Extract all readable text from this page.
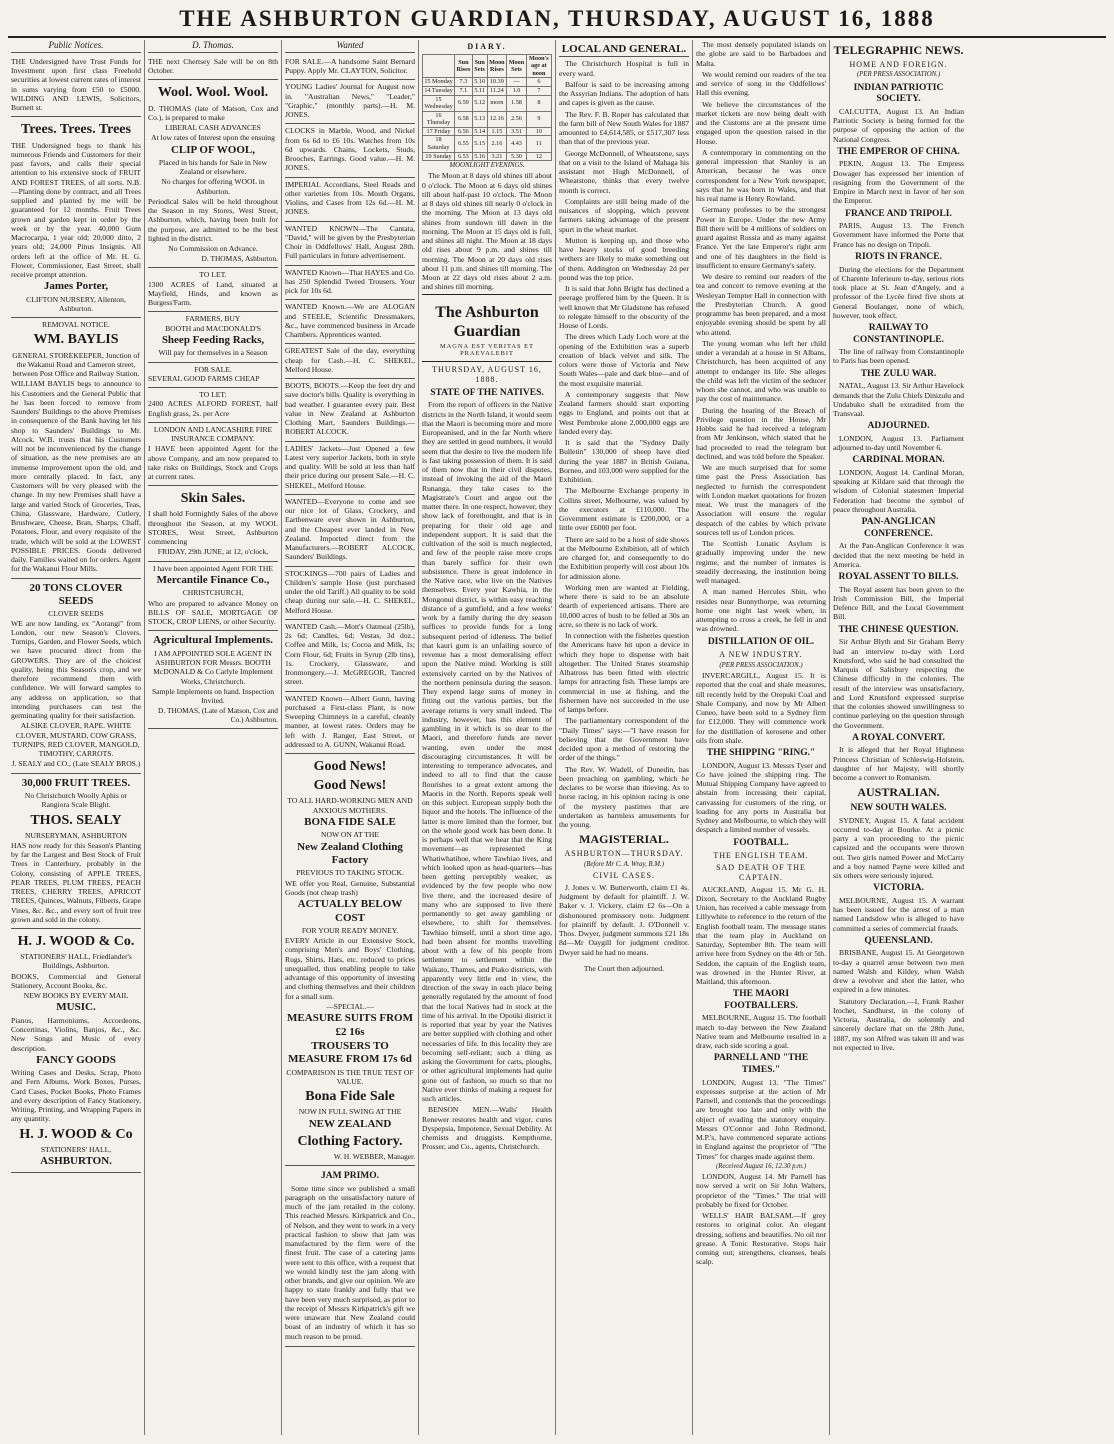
THE ASHBURTON GUARDIAN, THURSDAY, AUGUST 16, 1888
Public Notices.

THE Undersigned have Trust Funds for Investment upon first class Freehold securities at lowest current rates of interest in sums varying from £50 to £5000. WILDING AND LEWIS, Solicitors, Burnett st.

Trees. Trees. Trees

THE Undersigned begs to thank his numerous Friends and Customers for their past favors, and calls their special attention to his extensive stock of FRUIT AND FOREST TREES, of all sorts. N.B.—Planting done by contract, and all Trees supplied and planted by me will be guaranteed for 12 months. Fruit Trees grown and garden kept in order by the week or by the year. 40,000 Gum Macrocarpa, 1 year old; 20,000 ditto, 2 years old; 24,000 Pinus Insignis. All orders left at the office of Mr. H. G. Flower, Commissioner, East Street, shall receive prompt attention.

James Porter,

CLIFTON NURSERY, Allenton, Ashburton.

REMOVAL NOTICE.
WM. BAYLIS

GENERAL STOREKEEPER, Junction of the Wakanui Road and Cameron street, between Post Office and Railway Station.

WILLIAM BAYLIS begs to announce to his Customers and the General Public that he has been forced to remove from Saunders' Buildings to the above Premises in consequence of the Bank having let his shop to Saunders' Buildings to Mr. Alcock. W.B. trusts that his Customers will not be inconvenienced by the change of situation, as the new premises are an immense improvement upon the old, and more centrally placed. In fact, any Customers will be very pleased with the change. In my new Premises shall have a large and varied Stock of Groceries, Teas, China, Glassware, Hardware, Cutlery, Brushware, Cheese, Bran, Sharps, Chaff, Potatoes, Flour, and every requisite of the trade, which will be sold at the LOWEST POSSIBLE PRICES. Goods delivered daily. Families waited on for orders. Agent for the Wakanui Flour Mills.

20 TONS CLOVER SEEDS
CLOVER SEEDS

WE are now landing, ex "Aorangi" from London, our new Season's Clovers, Turnips, Garden, and Flower Seeds, which we have procured direct from the GROWERS. They are of the choicest quality, being this Season's crop, and we therefore recommend them with confidence. We will forward samples to any address on application, so that intending purchasers can test the germinating quality for their satisfaction.

ALSIKE CLOVER, RAPE. WHITE CLOVER, MUSTARD, COW GRASS, TURNIPS, RED CLOVER, MANGOLD, TIMOTHY, CARROTS.

J. SEALY and CO., (Late SEALY BROS.)

30,000 FRUIT TREES.

No Christchurch Woolly Aphis or Rangiora Scale Blight.

THOS. SEALY

NURSERYMAN, ASHBURTON

HAS now ready for this Season's Planting by far the Largest and Best Stock of Fruit Trees in Canterbury, probably in the Colony, consisting of APPLE TREES, PEAR TREES, PLUM TREES, PEACH TREES, CHERRY TREES, APRICOT TREES, Quinces, Walnuts, Filberts, Grape Vines, &c. &c., and every sort of fruit tree grown and sold in the colony.

H. J. WOOD & Co.

STATIONERS' HALL, Friedlander's Buildings, Ashburton.

BOOKS, Commercial and General Stationery, Account Books, &c.

NEW BOOKS BY EVERY MAIL

MUSIC.

Pianos, Harmoniums, Accordeons, Concertinas, Violins, Banjos, &c., &c. New Songs and Music of every description.

FANCY GOODS

Writing Cases and Desks, Scrap, Photo and Fern Albums, Work Boxes, Purses, Card Cases, Pocket Books, Photo Frames and every description of Fancy Stationery, Writing, Printing, and Wrapping Papers in any quantity.

H. J. WOOD & Co

STATIONERS' HALL,

ASHBURTON.
D. Thomas.

THE next Chertsey Sale will be on 8th October.

Wool. Wool. Wool.

D. THOMAS (late of Matson, Cox and Co.), is prepared to make

LIBERAL CASH ADVANCES

At low rates of Interest upon the ensuing

CLIP OF WOOL,

Placed in his hands for Sale in New Zealand or elsewhere.

No charges for offering WOOL in Ashburton.

Periodical Sales will be held throughout the Season in my Stores, West Street, Ashburton, which, having been built for the purpose, are admitted to be the best lighted in the district.

No Commission on Advance.

D. THOMAS, Ashburton.

TO LET.

1300 ACRES of Land, situated at Mayfield, Hinds, and known as Burgess'Farm.

FARMERS, BUY
BOOTH and MACDONALD'S
Sheep Feeding Racks,

Will pay for themselves in a Season

FOR SALE.

SEVERAL GOOD FARMS CHEAP

TO LET:

2400 ACRES ALFORD FOREST, half English grass, 2s. per Acre

LONDON AND LANCASHIRE FIRE INSURANCE COMPANY.

I HAVE been appointed Agent for the above Company, and am now prepared to take risks on Buildings, Stock and Crops at current rates.

Skin Sales.

I shall hold Fortnightly Sales of the above throughout the Season, at my WOOL STORES, West Street, Ashburton commencing

FRIDAY, 29th JUNE, at 12, o'clock,

I have been appointed Agent FOR THE

Mercantile Finance Co.,

CHRISTCHURCH,

Who are prepared to advance Money on BILLS OF SALE, MORTGAGE OF STOCK, CROP LIENS, or other Security.

Agricultural Implements.

I AM APPOINTED SOLE AGENT IN ASHBURTON FOR Messrs. BOOTH McDONALD & Co Carlyle Implement Works, Christchurch.

Sample Implements on hand. Inspection Invited.

D. THOMAS, (Late of Matson, Cox and Co.) Ashburton.

Wanted

FOR SALE.—A handsome Saint Bernard Puppy. Apply Mr. CLAYTON, Solicitor.

YOUNG Ladies' Journal for August now in. "Australian News," "Leader," "Graphic," (monthly parts).—H. M. JONES.

CLOCKS in Marble, Wood, and Nickel from 6s 6d to £6 10s. Watches from 10s 6d upwards. Chains, Lockets, Studs, Brooches, Earrings. Good value.—H. M. JONES.

IMPERIAL Accordians, Steel Reads and other varieties from 10s. Mouth Organs, Violins, and Cases from 12s 6d.—H. M. JONES.

WANTED KNOWN—The Cantata, "David," will be given by the Presbyterian Choir in Oddfellows' Hall, August 28th. Full particulars in future advertisement.

WANTED Known—That HAYES and Co. has 250 Splendid Tweed Trousers. Your pick for 10s 6d.

WANTED Known.—We are ALOGAN and STEELE, Scientific Dressmakers, &c., have commenced business in Arcade Chambers. Apprentices wanted.

GREATEST Sale of the day, everything cheap for Cash.—H. C. SHEKEL, Melford House.

BOOTS, BOOTS.—Keep the feet dry and save doctor's bills. Quality is everything in bad weather. I guarantee every pair. Best value in New Zealand at Ashburton Clothing Mart, Saunders Buildings.—ROBERT ALCOCK.

LADIES' Jackets—Just Opened a few Latest very superior Jackets, both in style and quality. Will be sold at less than half their price during our present Sale.—H. C. SHEKEL, Melford House.

WANTED—Everyone to come and see our nice lot of Glass, Crockery, and Earthenware ever shown in Ashburton, and the Cheapest ever landed in New Zealand. Imported direct from the Manufacturers.—ROBERT ALCOCK, Saunders' Buildings.

STOCKINGS—700 pairs of Ladies and Children's sample Hose (just purchased under the old Tariff.) All quality to be sold cheap during our sale.—H. C. SHEKEL, Melford House.

WANTED Cash.—Mott's Oatmeal (25lb), 2s 6d; Candles, 6d; Vestas, 3d doz.; Coffee and Milk, 1s; Cocoa and Milk, 1s; Corn Flour, 6d; Fruits in Syrup (2lb tins), 1s. Crockery, Glassware, and Ironmongery.—J. McGREGOR, Tancred street.

WANTED Known—Albert Gunn, having purchased a First-class Plant, is now Sweeping Chimneys in a careful, cleanly manner, at lowest rates. Orders may be left with J. Ranger, East Street, or addressed to A. GUNN, Wakanui Road.

Good News!
Good News!

TO ALL HARD-WORKING MEN AND ANXIOUS MOTHERS.

BONA FIDE SALE

NOW ON AT THE

New Zealand Clothing Factory

PREVIOUS TO TAKING STOCK.

WE offer you Real, Genuine, Substantial Goods (not cheap trash)

ACTUALLY BELOW COST

FOR YOUR READY MONEY.

EVERY Article in our Extensive Stock, comprising Men's and Boys' Clothing, Rugs, Shirts, Hats, etc. reduced to prices unequalled, thus enabling people to take advantage of this opportunity of investing and clothing themselves and their children for a small sum.

—SPECIAL.—

MEASURE SUITS FROM £2 16s
TROUSERS TO MEASURE FROM 17s 6d

COMPARISON IS THE TRUE TEST OF VALUE.

Bona Fide Sale

NOW IN FULL SWING AT THE

NEW ZEALAND
Clothing Factory.

W. H. WEBBER, Manager.

JAM PRIMO.

Some time since we published a small paragraph on the unsatisfactory nature of much of the jam retailed in the colony. This reached Messrs. Kirkpatrick and Co., of Nelson, and they went to work in a very practical fashion to show that jam was manufactured by the firm were of the finest fruit. The case of a catering jams were sent to this office, with a request that we would kindly test the jam along with other brands, and give our opinion. We are happy to state frankly and fully that we have been very much surprised, as prior to the receipt of Messrs Kirkpatrick's gift we were unaware that New Zealand could boast of an industry of which it has so much reason to be proud.

DIARY.
	Sun Rises	Sun Sets	Moon Rises	Moon Sets	Moon's age at noon
15 Monday	7.3	5.10	10.39	—	6
14 Tuesday	7.1	5.11	11.24	1.0	7
15 Wednesday	6.59	5.12	morn	1.58	8
16 Thursday	6.58	5.13	12.16	2.56	9
17 Friday	6.56	5.14	1.15	3.51	10
18 Saturday	6.55	5.15	2.16	4.43	11
19 Sunday	6.53	5.16	3.21	5.30	12
MOONLIGHT EVENINGS.

The Moon at 8 days old shines till about 0 o'clock. The Moon at 6 days old shines till about half-past 10 o'clock. The Moon at 8 days old shines till nearly 0 o'clock in the morning. The Moon at 13 days old shines from sundown till dawn in the morning. The Moon at 15 days old is full, and shines all night. The Moon at 18 days old rises about 9 p.m. and shines till morning. The Moon at 20 days old rises about 11 p.m. and shines till morning. The Moon at 22 days old rises about 2 a.m. and shines till morning.

The Ashburton Guardian
MAGNA EST VERITAS ET PRAEVALEBIT
THURSDAY, AUGUST 16, 1888.
STATE OF THE NATIVES.

From the report of officers in the Native districts in the North Island, it would seem that the Maori is becoming more and more Europeanised, and in the far North where they are settled in good numbers, it would seem that the desire to live the modern life is fast taking possession of them. It is said of them now that in their civil disputes, instead of invoking the aid of the Maori Runanga, they take cases to the Magistrate's Court and argue out the matter there. In one respect, however, they show lack of forethought, and that is in preparing for their old age and independent support. It is said that the cultivation of the soil is much neglected, and few of the people raise more crops than barely suffice for their own subsistence. There is great indolence in the Native race, who live on the Natives themselves. Every year Kawhia, in the Mongonui district, is within easy reaching distance of a gumfield, and a few weeks' work by a family during the dry season suffices to provide funds for a long subsequent period of idleness. The belief that kauri gum is an unfailing source of revenue has a most demoralising effect upon the Native mind. Working is still extensively carried on by the Natives of the northern peninsula during the season. They expend large sums of money in fitting out the various parties, but the average returns is very small indeed. The industry, however, has this element of gambling in it which is so dear to the Maori, and therefore funds are never wanting, even under the most discouraging circumstances. It will be interesting to temperance advocates, and indeed to all to find that the cause flourishes to a great extent among the Maoris in the North. Reports speak well on this subject. European supply both the liquor and the hotels. The influence of the latter is more limited than the former, but on the whole good work has been done. It is perhaps well that we hear that the King movement—as represented at Whatiwhatihoe, where Tawhiao lives, and which looked upon as head-quarters—has been getting perceptibly weaker, as evidenced by the few people who now live there, and the increased desire of many who are supposed to live there permanently to get away gambling or elsewhere, to shift for themselves. Tawhiao himself, until a short time ago, had been absent for months travelling about with a few of his people from settlement to settlement within the Waikato, Thames, and Piako districts, with apparently very little end in view, the direction of the sway in each place being generally regulated by the amount of food that the local Natives had in stock at the time of his arrival. In the Opotiki district it is reported that year by year the Natives are better supplied with clothing and other necessaries of life. In this locality they are becoming self-reliant; such a thing as asking the Government for carts, ploughs, or other agricultural implements had quite gone out of fashion, so much so that no Native ever thinks of making a request for such articles.

BENSON MEN.—Walls' Health Renewer restores health and vigor, cures Dyspepsia, Impotence, Sexual Debility. At chemists and druggists. Kempthorne, Prosser, and Co., agents, Christchurch.

LOCAL AND GENERAL.

The Christchurch Hospital is full in every ward.

Balfour is said to be increasing among the Assyrian Indians. The adoption of hats and capes is given as the cause.

The Rev. F. B. Roper has calculated that the farm bill of New South Wales for 1887 amounted to £4,614,585, or £517,307 less than that of the previous year.

George McDonnell, of Wheatstone, says that on a visit to the Island of Mahaga his assistant met Hugh McDonnell, of Wheatstone, thinks that every twelve month is correct.

Complaints are still being made of the nuisances of slopping, which prevent farmers taking advantage of the present spurt in the wheat market.

Mutton is keeping up, and those who have heavy stocks of good breeding wethers are likely to make something out of them. Addington on Wednesday 2d per pound was the top price.

It is said that John Bright has declined a peerage proffered him by the Queen. It is well known that Mr Gladstone has refused to relegate himself to the obscurity of the House of Lords.

The drees which Lady Loch wore at the opening of the Exhibition was a superb creation of black velvet and silk. The colors were those of Victoria and New South Wales—pale and dark blue—and of the most exquisite material.

A contemporary suggests that New Zealand farmers should start exporting eggs to England, and points out that at West Pembroke alone 2,000,000 eggs are landed every day.

It is said that the "Sydney Daily Bulletin" 130,000 of sheep have died during the year 1887 in British Guiana, Borneo, and 103,000 were supplied for the Exhibition.

The Melbourne Exchange property in Collins street, Melbourne, was valued by the executors at £110,000. The Government estimate is £200,000, or a little over £6000 per foot.

There are said to be a host of side shows at the Melbourne Exhibition, all of which are charged for, and consequently to do the Exhibition properly will cost about 10s for admission alone.

Working men are wanted at Fielding, where there is said to be an absolute dearth of experienced artisans. There are 10,000 acres of bush to be felled at 30s an acre, so there is no lack of work.

In connection with the fisheries question the Americans have hit upon a device in which they hope to dispense with bait altogether. The United States steamship Albatross has been fitted with electric lamps for attracting fish. These lamps are commercial in use at fishing, and the fishermen have not succeeded in the use of lamps before.

The parliamentary correspondent of the "Daily Times" says:—"I have reason for believing that the Government have decided upon a method of restoring the order of the things."

The Rev. W. Wadell, of Dunedin, has been preaching on gambling, which he declares to be worse than thieving. As to horse racing, in his opinion racing is one of the mystery pastimes that are undertaken as harmless amusements for the young.

MAGISTERIAL.
ASHBURTON—THURSDAY.
(Before Mr C. A. Wray, R.M.)
CIVIL CASES.

J. Jones v. W. Butterworth, claim £1 4s. Judgment by default for plaintiff. J. W. Baker v. J. Vickery, claim £2 6s—On a dishonoured promissory note. Judgment for plaintiff by default. J. O'Donnell v. Thos. Dwyer, judgment summons £21 18s 8d—Mr Oaygill for judgment creditor. Dwyer said he had no means.

The Court then adjourned.

The most densely populated islands on the globe are said to be Barbadoes and Malta.

We would remind our readers of the tea and service of song in the Oddfellows' Hall this evening.

We believe the circumstances of the market tickets are now being dealt with and the Customs are at the present time engaged upon the question raised in the House.

A contemporary in commenting on the general impression that Stanley is an American, because he was once correspondent for a New York newspaper, says that he was born in Wales, and that his real name is Henry Rowland.

Germany professes to be the strongest Power in Europe. Under the new Army Bill there will be 4 millions of soldiers on guard against Russia and as many against France. Yet the late Emperor's right arm and one of his daughters in the field is insufficient to ensure Germany's safety.

We desire to remind our readers of the tea and concert to remove evening at the Wesleyan Tempter Hall in connection with the Presbyterian Church. A good programme has been prepared, and a most enjoyable evening should be spent by all who attend.

The young woman who left her child under a verandah at a house in St Albans, Christchurch, has been acquitted of any attempt to endanger its life. She alleges the child was left the victim of the seducer whom she cannot, and who was unable to pay the cost of maintenance.

During the hearing of the Breach of Privilege question in the House, Mr Hobbs said he had received a telegram from Mr Jenkinson, which stated that he had proceeded to read the telegram but declined, and was told before the Speaker.

We are much surprised that for some time past the Press Association has neglected to furnish the correspondent with London market quotations for frozen meat. We trust the managers of the Association will ensure the regular despatch of the cables by which private sources tell us of London prices.

The Scottish Lunatic Asylum is gradually improving under the new regime, and the number of inmates is steadily decreasing, the institution being well managed.

A man named Hercules Shin, who resides near Bunnythorpe, was returning home one night last week when, in attempting to cross a creek, he fell in and was drowned.

DISTILLATION OF OIL.
A NEW INDUSTRY.
(PER PRESS ASSOCIATION.)

INVERCARGILL, August 15. It is reported that the coal and shale measures, till recently held by the Orepuki Coal and Shale Company, and now by Mr Albert Cuneo, have been sold to a Sydney firm for £12,000. They will commence work for the distillation of kerosene and other oils from shale.

THE SHIPPING "RING."

LONDON, August 13. Messrs Tyser and Co have joined the shipping ring. The Mutual Shipping Company have agreed to abstain from increasing their capital, canvassing for customers of the ring, or loading for any ports in Australia but Sydney and Melbourne, to which they will despatch a limited number of vessels.

FOOTBALL.
THE ENGLISH TEAM.
SAD DEATH OF THE CAPTAIN.

AUCKLAND, August 15. Mr G. H. Dixon, Secretary to the Auckland Rugby Union, has received a cable message from Lillywhite to reference to the return of the English football team. The message states that the team play in Auckland on Saturday, September 8th. The team will arrive here from Sydney on the 4th or 5th. Seddon, the captain of the English team, was drowned in the Hunter River, at Maitland, this afternoon.

THE MAORI FOOTBALLERS.

MELBOURNE, August 15. The football match to-day between the New Zealand Native team and Melbourne resulted in a draw, each side scoring a goal.

PARNELL AND "THE TIMES."

LONDON, August 13. "The Times" expresses surprise at the action of Mr Parnell, and contends that the proceedings are brought too late and only with the object of evading the statutory enquiry. Messrs O'Connor and John Redmond, M.P.'s, have commenced separate actions in England against the proprietor of "The Times" for charges made against them.

(Received August 16, 12.30 p.m.)

LONDON, August 14. Mr Parnell has now served a writ on Sir John Walters, proprietor of the "Times." The trial will probably be fixed for October.

WELLS' HAIR BALSAM.—If grey restores to original color. An elegant dressing, softens and beautifies. No oil nor grease. A Tonic Restorative. Stops hair coming out; strengthens, cleanses, heals scalp.

TELEGRAPHIC NEWS.
HOME AND FOREIGN.
(PER PRESS ASSOCIATION.)
INDIAN PATRIOTIC SOCIETY.

CALCUTTA, August 13. An Indian Patriotic Society is being formed for the purpose of opposing the action of the National Congress.

THE EMPEROR OF CHINA.

PEKIN, August 13. The Empress Dowager has expressed her intention of resigning from the Government of the Empire in March next in favor of her son the Emperor.

FRANCE AND TRIPOLI.

PARIS, August 13. The French Government have informed the Porte that France has no design on Tripoli.

RIOTS IN FRANCE.

During the elections for the Department of Charente Inferieure to-day, serious riots took place at St. Jean d'Angely, and a professor of the Lycée fired five shots at General Boulanger, none of which, however, took effect.

RAILWAY TO CONSTANTINOPLE.

The line of railway from Constantinople to Paris has been opened.

THE ZULU WAR.

NATAL, August 13. Sir Arthur Havelock demands that the Zulu Chiefs Dinizulu and Undabuko shall be extradited from the Transvaal.

ADJOURNED.

LONDON, August 13. Parliament adjourned to-day until November 6.

CARDINAL MORAN.

LONDON, August 14. Cardinal Moran, speaking at Kildare said that through the wisdom of Colonial statesmen Imperial Federation had become the symbol of peace throughout Australia.

PAN-ANGLICAN CONFERENCE.

At the Pan-Anglican Conference it was decided that the next meeting be held in America.

ROYAL ASSENT TO BILLS.

The Royal assent has been given to the Irish Commission Bill, the Imperial Defence Bill, and the Local Government Bill.

THE CHINESE QUESTION.

Sir Arthur Blyth and Sir Graham Berry had an interview to-day with Lord Knutsford, who said he had consulted the Marquis of Salisbury respecting the Chinese difficulty in the colonies. The result of the interview was unsatisfactory, and Lord Knutsford expressed surprise that the colonies showed unwillingness to continue parleying on the question through the Government.

A ROYAL CONVERT.

It is alleged that her Royal Highness Princess Christian of Schleswig-Holstein, daughter of her Majesty, will shortly become a convert to Romanism.

AUSTRALIAN.
NEW SOUTH WALES.

SYDNEY, August 15. A fatal accident occurred to-day at Bourke. At a picnic party a van proceeding to the picnic capsized and the occupants were thrown out. Two girls named Power and McCarty and a boy named Payne were killed and six others were seriously injured.

VICTORIA.

MELBOURNE, August 15. A warrant has been issued for the arrest of a man named Landsdow who is alleged to have committed a series of commercial frauds.

QUEENSLAND.

BRISBANE, August 15. At Georgetown to-day a quarrel arose between two men named Walsh and Kildey, when Walsh drew a revolver and shot the latter, who expired in a few minutes.

Statutory Declaration.—I, Frank Rasher Irochet, Sandhurst, in the colony of Victoria, Australia, do solemnly and sincerely declare that on the 28th June, 1887, my son Alfred was taken ill and was not expected to live.
